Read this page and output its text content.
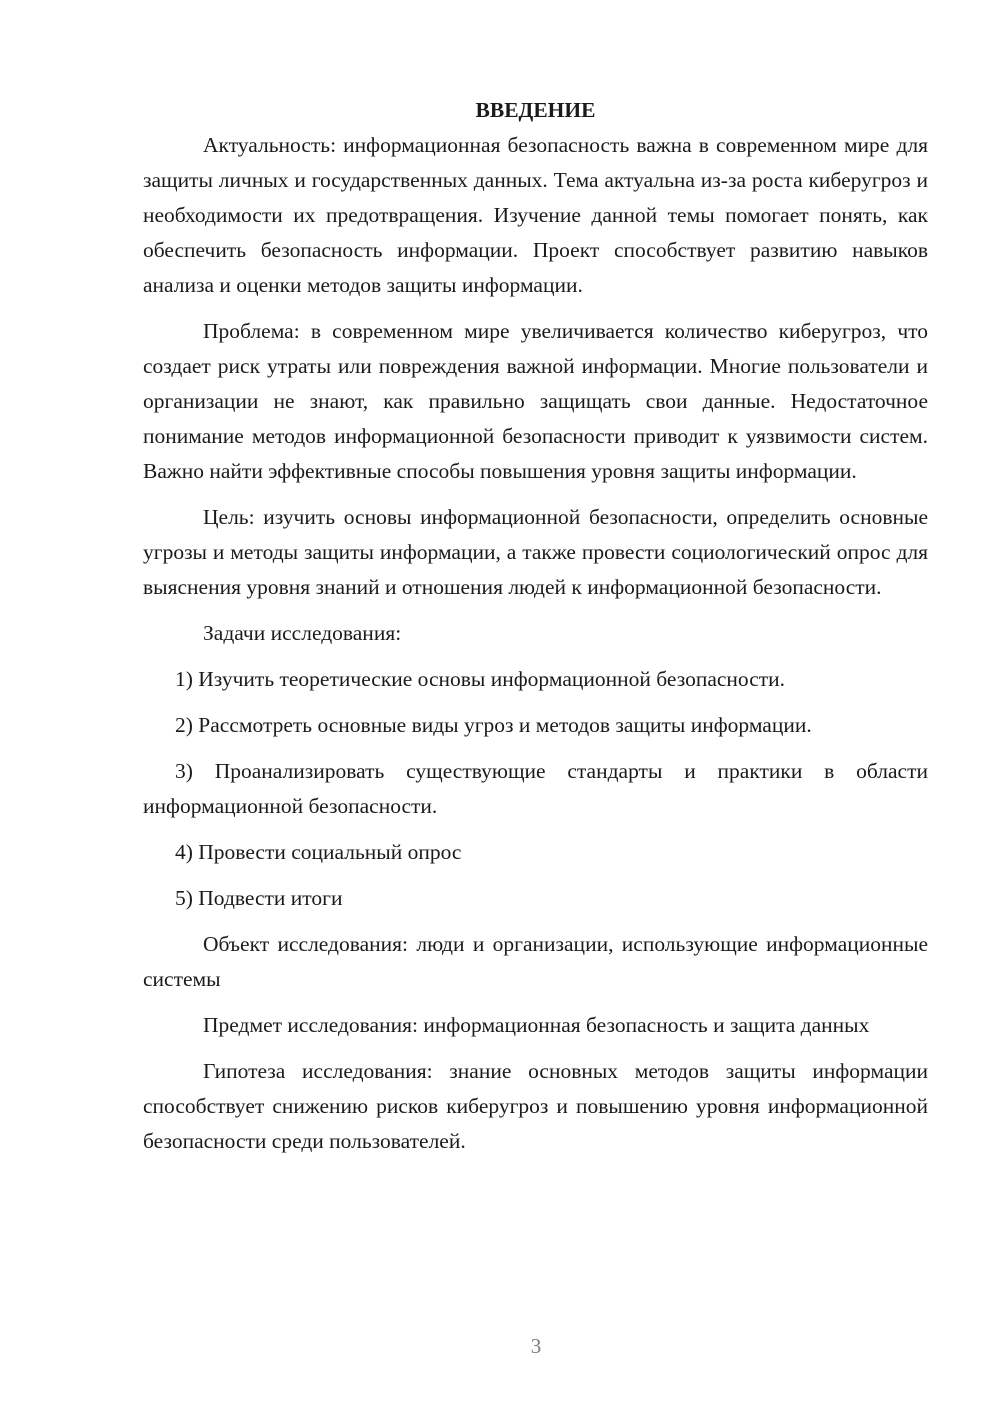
ВВЕДЕНИЕ

Актуальность: информационная безопасность важна в современном мире для защиты личных и государственных данных. Тема актуальна из-за роста киберугроз и необходимости их предотвращения. Изучение данной темы помогает понять, как обеспечить безопасность информации. Проект способствует развитию навыков анализа и оценки методов защиты информации.

Проблема: в современном мире увеличивается количество киберугроз, что создает риск утраты или повреждения важной информации. Многие пользователи и организации не знают, как правильно защищать свои данные. Недостаточное понимание методов информационной безопасности приводит к уязвимости систем. Важно найти эффективные способы повышения уровня защиты информации.

Цель: изучить основы информационной безопасности, определить основные угрозы и методы защиты информации, а также провести социологический опрос для выяснения уровня знаний и отношения людей к информационной безопасности.

Задачи исследования:

1) Изучить теоретические основы информационной безопасности.

2) Рассмотреть основные виды угроз и методов защиты информации.

3) Проанализировать существующие стандарты и практики в области информационной безопасности.

4) Провести социальный опрос

5) Подвести итоги

Объект исследования: люди и организации, использующие информационные системы

Предмет исследования: информационная безопасность и защита данных

Гипотеза исследования: знание основных методов защиты информации способствует снижению рисков киберугроз и повышению уровня информационной безопасности среди пользователей.

3
